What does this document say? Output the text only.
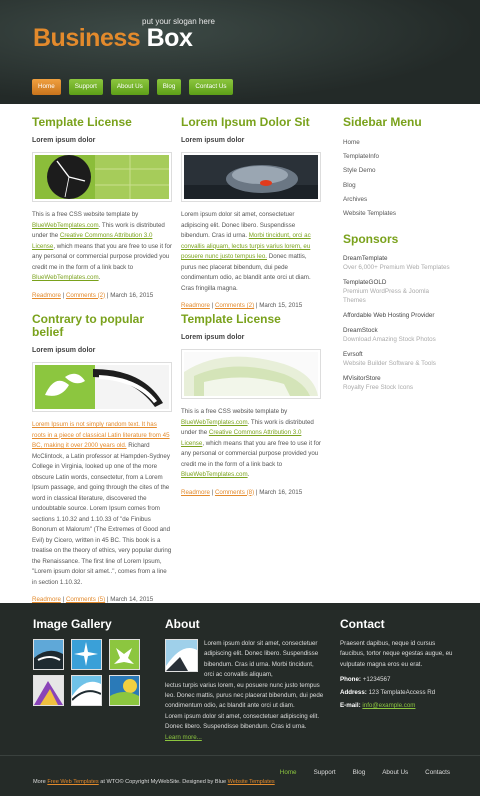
put your slogan here
Business Box
Home	Support	About Us	Blog	Contact Us
Template License
Lorem ipsum dolor

This is a free CSS website template by BlueWebTemplates.com. This work is distributed under the Creative Commons Attribution 3.0 License, which means that you are free to use it for any personal or commercial purpose provided you credit me in the form of a link back to BlueWebTemplates.com.

Readmore | Comments (2) | March 16, 2015
Contrary to popular belief
Lorem ipsum dolor

Lorem Ipsum is not simply random text. It has roots in a piece of classical Latin literature from 45 BC, making it over 2000 years old. Richard McClintock, a Latin professor at Hampden-Sydney College in Virginia, looked up one of the more obscure Latin words, consectetur, from a Lorem Ipsum passage, and going through the cites of the word in classical literature, discovered the undoubtable source. Lorem Ipsum comes from sections 1.10.32 and 1.10.33 of "de Finibus Bonorum et Malorum" (The Extremes of Good and Evil) by Cicero, written in 45 BC. This book is a treatise on the theory of ethics, very popular during the Renaissance. The first line of Lorem Ipsum, "Lorem ipsum dolor sit amet..", comes from a line in section 1.10.32.

Readmore | Comments (5) | March 14, 2015
Lorem Ipsum Dolor Sit
Lorem ipsum dolor

Lorem ipsum dolor sit amet, consectetuer adipiscing elit. Donec libero. Suspendisse bibendum. Cras id urna. Morbi tincidunt, orci ac convallis aliquam, lectus turpis varius lorem, eu posuere nunc justo tempus leo. Donec mattis, purus nec placerat bibendum, dui pede condimentum odio, ac blandit ante orci ut diam. Cras fringilla magna.

Readmore | Comments (2) | March 15, 2015
Template License
Lorem ipsum dolor

This is a free CSS website template by BlueWebTemplates.com. This work is distributed under the Creative Commons Attribution 3.0 License, which means that you are free to use it for any personal or commercial purpose provided you credit me in the form of a link back to BlueWebTemplates.com.

Readmore | Comments (8) | March 16, 2015
Sidebar Menu
Home
TemplateInfo
Style Demo
Blog
Archives
Website Templates
Sponsors
DreamTemplate
Over 6,000+ Premium Web Templates
TemplateGOLD
Premium WordPress & Joomla Themes
Affordable Web Hosting Provider
DreamStock
Download Amazing Stock Photos
Evrsoft
Website Builder Software & Tools
MVisitorStore
Royalty Free Stock Icons
Image Gallery	About
Lorem ipsum dolor sit amet, consectetuer adipiscing elit. Donec libero. Suspendisse bibendum. Cras id urna. Morbi tincidunt, orci ac convallis aliquam,
lectus turpis varius lorem, eu posuere nunc justo tempus leo. Donec mattis, purus nec placerat bibendum, dui pede condimentum odio, ac blandit ante orci ut diam.
Lorem ipsum dolor sit amet, consectetuer adipiscing elit. Donec libero. Suspendisse bibendum. Cras id urna.
Learn more...
Contact

Praesent dapibus, neque id cursus faucibus, tortor neque egestas augue, eu vulputate magna eros eu erat.

Phone: +1234567
Address: 123 TemplateAccess Rd
E-mail: info@example.com
More Free Web Templates at WTO© Copyright MyWebSite. Designed by Blue Website Templates
Home	Support	Blog	About Us	Contacts
